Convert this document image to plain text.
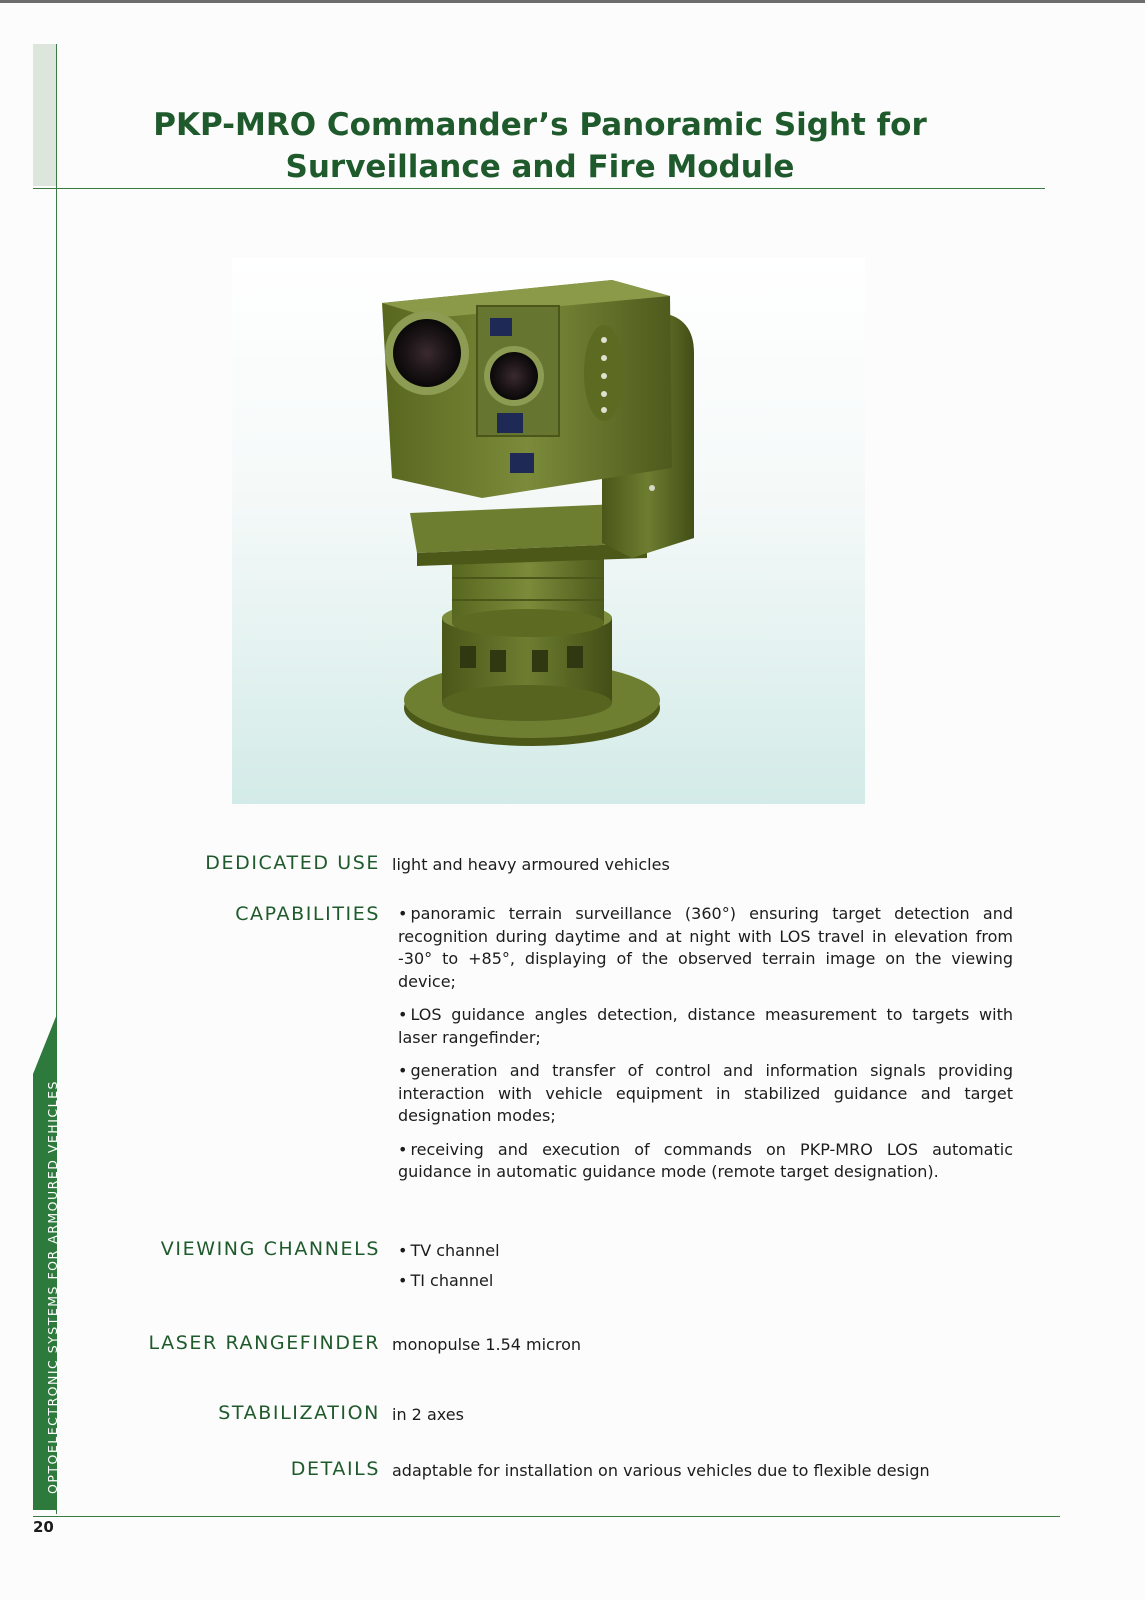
PKP-MRO Commander’s Panoramic Sight for
Surveillance and Fire Module

DEDICATED USE light and heavy armoured vehicles

CAPABILITIES	• panoramic terrain surveillance (360°) ensuring target detection and recognition during daytime and at night with LOS travel in elevation from -30° to +85°, displaying of the observed terrain image on the viewing device;
• LOS guidance angles detection, distance measurement to targets with laser rangefinder;
• generation and transfer of control and information signals providing interaction with vehicle equipment in stabilized guidance and target designation modes;
• receiving and execution of commands on PKP-MRO LOS automatic guidance in automatic guidance mode (remote target designation).

VIEWING CHANNELS	• TV channel
• TI channel

LASER RANGEFINDER monopulse 1.54 micron

STABILIZATION in 2 axes

DETAILS adaptable for installation on various vehicles due to flexible design

OPTOELECTRONIC SYSTEMS FOR ARMOURED VEHICLES

20
